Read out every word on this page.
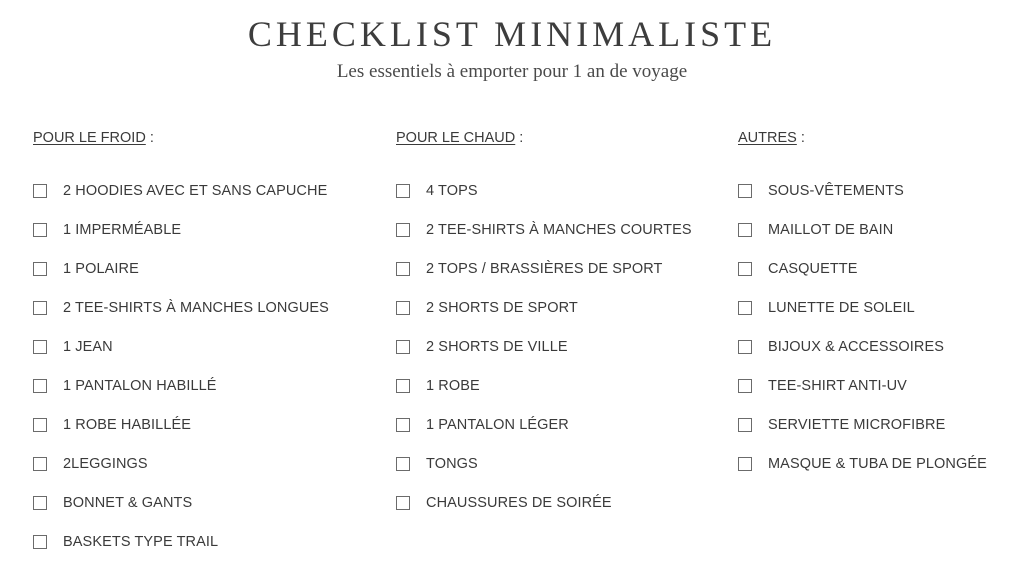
CHECKLIST MINIMALISTE
Les essentiels à emporter pour 1 an de voyage
POUR LE FROID :
2 HOODIES AVEC ET SANS CAPUCHE
1 IMPERMÉABLE
1 POLAIRE
2 TEE-SHIRTS À MANCHES LONGUES
1 JEAN
1 PANTALON HABILLÉ
1 ROBE HABILLÉE
2LEGGINGS
BONNET & GANTS
BASKETS TYPE TRAIL
POUR LE CHAUD :
4 TOPS
2 TEE-SHIRTS À MANCHES COURTES
2 TOPS / BRASSIÈRES DE SPORT
2 SHORTS DE SPORT
2 SHORTS DE VILLE
1 ROBE
1 PANTALON LÉGER
TONGS
CHAUSSURES DE SOIRÉE
AUTRES :
SOUS-VÊTEMENTS
MAILLOT DE BAIN
CASQUETTE
LUNETTE DE SOLEIL
BIJOUX & ACCESSOIRES
TEE-SHIRT ANTI-UV
SERVIETTE MICROFIBRE
MASQUE & TUBA DE PLONGÉE
